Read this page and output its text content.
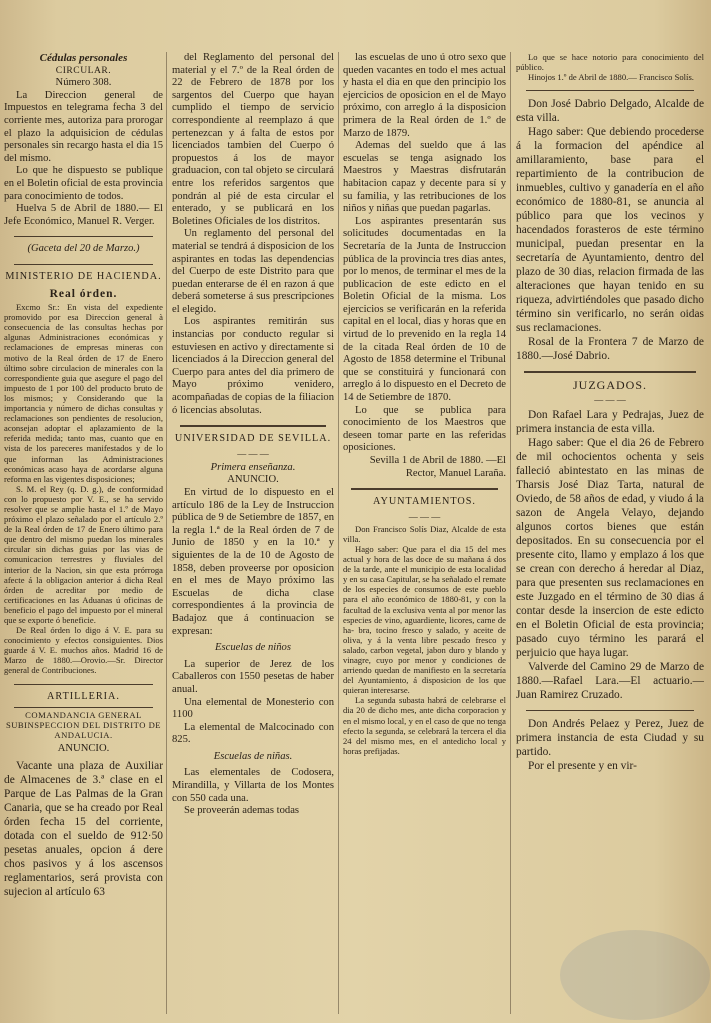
Cédulas personales

CIRCULAR.

Número 308.

La Direccion general de Impuestos en telegrama fecha 3 del corriente mes, autoriza para prorogar el plazo la adquisicion de cédulas personales sin recargo hasta el dia 15 del mismo.

Lo que he dispuesto se publique en el Boletin oficial de esta provincia para conocimiento de todos.

Huelva 5 de Abril de 1880.— El Jefe Económico, Manuel R. Verger.

(Gaceta del 20 de Marzo.)

MINISTERIO DE HACIENDA.

Real órden.

Excmo Sr.: En vista del expediente promovido por esa Direccion general à consecuencia de las consultas hechas por algunas Administraciones económicas y reclamaciones de empresas mineras con motivo de la Real órden de 17 de Enero último sobre circulacion de minerales con la correspondiente guia que asegure el pago del impuesto de 1 por 100 del producto bruto de los mismos; y Considerando que la importancia y número de dichas consultas y reclamaciones son pendientes de resolucion, aconsejan adoptar el aplazamiento de la referida medida; tanto mas, cuanto que en vista de los pareceres manifestados y de lo que informan las Administraciones económicas acaso haya de acordarse alguna reforma en las vigentes disposiciones;

S. M. el Rey (q. D. g.), de conformidad con lo propuesto por V. E., se ha servido resolver que se amplie hasta el 1.º de Mayo próximo el plazo señalado por el artículo 2.º de la Real órden de 17 de Enero último para que dentro del mismo puedan los minerales circular sin dichas guias por las vias de comunicacion terrestres y fluviales del interior de la Nacion, sin que esta prórroga afecte á la obligacion anterior á dicha Real órden de acreditar por medio de certificaciones en las Aduanas ú oficinas de beneficio el pago del impuesto por el mineral que se exporte ó beneficie.

De Real órden lo digo á V. E. para su conocimiento y efectos consiguientes. Dios guarde á V. E. muchos años. Madrid 16 de Marzo de 1880.—Orovio.—Sr. Director general de Contribuciones.

ARTILLERIA.

COMANDANCIA GENERAL SUBINSPECCION DEL DISTRITO DE ANDALUCIA.

ANUNCIO.

Vacante una plaza de Auxiliar de Almacenes de 3.ª clase en el Parque de Las Palmas de la Gran Canaria, que se ha creado por Real órden fecha 15 del corriente, dotada con el sueldo de 912·50 pesetas anuales, opcion á dere chos pasivos y á los ascensos reglamentarios, será provista con sujecion al artículo 63

del Reglamento del personal del material y el 7.º de la Real órden de 22 de Febrero de 1878 por los sargentos del Cuerpo que hayan cumplido el tiempo de servicio correspondiente al reemplazo á que pertenezcan y á falta de estos por licenciados tambien del Cuerpo ó propuestos á los de mayor graduacion, con tal objeto se circulará entre los referidos sargentos que pondrán al pié de esta circular el enterado, y se publicará en los Boletines Oficiales de los distritos.

Un reglamento del personal del material se tendrá á disposicion de los aspirantes en todas las dependencias del Cuerpo de este Distrito para que puedan enterarse de él en razon á que deberá someterse á sus prescripciones el elegido.

Los aspirantes remitirán sus instancias por conducto regular si estuviesen en activo y directamente si licenciados á la Direccion general del Cuerpo para antes del dia primero de Mayo próximo venidero, acompañadas de copias de la filiacion ó licencias absolutas.

UNIVERSIDAD DE SEVILLA.

— — —

Primera enseñanza.

ANUNCIO.

En virtud de lo dispuesto en el artículo 186 de la Ley de Instruccion pública de 9 de Setiembre de 1857, en la regla 1.ª de la Real órden de 7 de Junio de 1850 y en la 10.ª y siguientes de la de 10 de Agosto de 1858, deben proveerse por oposicion en el mes de Mayo próximo las Escuelas de dicha clase correspondientes á la provincia de Badajoz que á continuacion se expresan:

Escuelas de niños

La superior de Jerez de los Caballeros con 1550 pesetas de haber anual.

Una elemental de Monesterio con 1100

La elemental de Malcocinado con 825.

Escuelas de niñas.

Las elementales de Codosera, Mirandilla, y Villarta de los Montes con 550 cada una.

Se proveerán ademas todas

las escuelas de uno ú otro sexo que queden vacantes en todo el mes actual y hasta el dia en que den principio los ejercicios de oposicion en el de Mayo próximo, con arreglo á la disposicion primera de la Real órden de 1.º de Marzo de 1879.

Ademas del sueldo que á las escuelas se tenga asignado los Maestros y Maestras disfrutarán habitacion capaz y decente para sí y su familia, y las retribuciones de los niños y niñas que puedan pagarlas.

Los aspirantes presentarán sus solicitudes documentadas en la Secretaría de la Junta de Instruccion pública de la provincia tres dias antes, por lo menos, de terminar el mes de la publicacion de este edicto en el Boletin Oficial de la misma. Los ejercicios se verificarán en la referida capital en el local, dias y horas que en virtud de lo prevenido en la regla 14 de la citada Real órden de 10 de Agosto de 1858 determine el Tribunal que se constituirá y funcionará con arreglo á lo dispuesto en el Decreto de 14 de Setiembre de 1870.

Lo que se publica para conocimiento de los Maestros que deseen tomar parte en las referidas oposiciones.

Sevilla 1 de Abril de 1880. —El Rector, Manuel Laraña.

AYUNTAMIENTOS.

— — —

Don Francisco Solís Diaz, Alcalde de esta villa.

Hago saber: Que para el dia 15 del mes actual y hora de las doce de su mañana á dos de la tarde, ante el municipio de esta localidad y en su casa Capitular, se ha señalado el remate de los especies de consumos de este pueblo para el año económico de 1880-81, y con la facultad de la exclusiva venta al por menor las especies de vino, aguardiente, licores, carne de ha- bra, tocino fresco y salado, y aceite de oliva, y á la venta libre pescado fresco y salado, carbon vegetal, jabon duro y blando y vinagre, cuyo por menor y condiciones de arriendo quedan de manifiesto en la secretaría del Ayuntamiento, á disposicion de los que quieran interesarse.

La segunda subasta habrá de celebrarse el dia 20 de dicho mes, ante dicha corporacion y en el mismo local, y en el caso de que no tenga efecto la segunda, se celebrará la tercera el dia 24 del mismo mes, en el antedicho local y horas prefijadas.

Lo que se hace notorio para conocimiento del público.

Hinojos 1.º de Abril de 1880.— Francisco Solís.

Don José Dabrio Delgado, Alcalde de esta villa.

Hago saber: Que debiendo procederse á la formacion del apéndice al amillaramiento, base para el repartimiento de la contribucion de inmuebles, cultivo y ganadería en el año económico de 1880-81, se anuncia al público para que los vecinos y hacendados forasteros de este término municipal, puedan presentar en la secretaría de Ayuntamiento, dentro del plazo de 30 dias, relacion firmada de las alteraciones que hayan tenido en su riqueza, advirtiéndoles que pasado dicho término sin verificarlo, no serán oidas sus reclamaciones.

Rosal de la Frontera 7 de Marzo de 1880.—José Dabrio.

JUZGADOS.

— — —

Don Rafael Lara y Pedrajas, Juez de primera instancia de esta villa.

Hago saber: Que el dia 26 de Febrero de mil ochocientos ochenta y seis falleció abintestato en las minas de Tharsis José Diaz Tarta, natural de Oviedo, de 58 años de edad, y viudo á la sazon de Angela Velayo, dejando algunos cortos bienes que están depositados. En su consecuencia por el presente cito, llamo y emplazo á los que se crean con derecho á heredar al Diaz, para que presenten sus reclamaciones en este Juzgado en el término de 30 dias á contar desde la insercion de este edicto en el Boletin Oficial de esta provincia; pasado cuyo término les parará el perjuicio que haya lugar.

Valverde del Camino 29 de Marzo de 1880.—Rafael Lara.—El actuario.— Juan Ramirez Cruzado.

Don Andrés Pelaez y Perez, Juez de primera instancia de esta Ciudad y su partido.

Por el presente y en vir-
